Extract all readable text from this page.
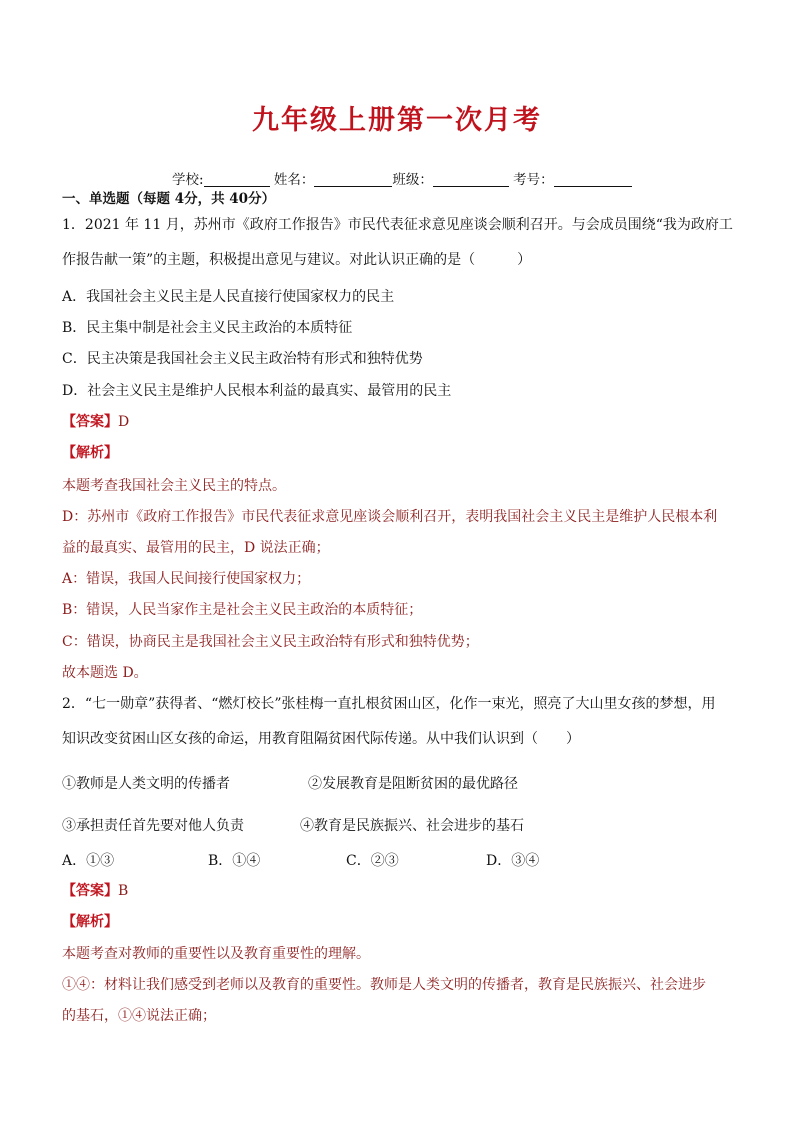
九年级上册第一次月考
学校:	姓名：	班级：	考号：
一、单选题（每题 4分，共 40分）
1．2021 年 11 月，苏州市《政府工作报告》市民代表征求意见座谈会顺利召开。与会成员围绕“我为政府工
作报告献一策”的主题，积极提出意见与建议。对此认识正确的是（　　　）
A．我国社会主义民主是人民直接行使国家权力的民主
B．民主集中制是社会主义民主政治的本质特征
C．民主决策是我国社会主义民主政治特有形式和独特优势
D．社会主义民主是维护人民根本利益的最真实、最管用的民主
【答案】D
【解析】
本题考查我国社会主义民主的特点。
D：苏州市《政府工作报告》市民代表征求意见座谈会顺利召开，表明我国社会主义民主是维护人民根本利
益的最真实、最管用的民主，D 说法正确；
A：错误，我国人民间接行使国家权力；
B：错误，人民当家作主是社会主义民主政治的本质特征；
C：错误，协商民主是我国社会主义民主政治特有形式和独特优势；
故本题选 D。
2．“七一勋章”获得者、“燃灯校长”张桂梅一直扎根贫困山区，化作一束光，照亮了大山里女孩的梦想，用
知识改变贫困山区女孩的命运，用教育阻隔贫困代际传递。从中我们认识到（　　）
①教师是人类文明的传播者	②发展教育是阻断贫困的最优路径
③承担责任首先要对他人负责	④教育是民族振兴、社会进步的基石
A．①③	B．①④	C．②③	D．③④
【答案】B
【解析】
本题考查对教师的重要性以及教育重要性的理解。
①④：材料让我们感受到老师以及教育的重要性。教师是人类文明的传播者，教育是民族振兴、社会进步
的基石，①④说法正确；
